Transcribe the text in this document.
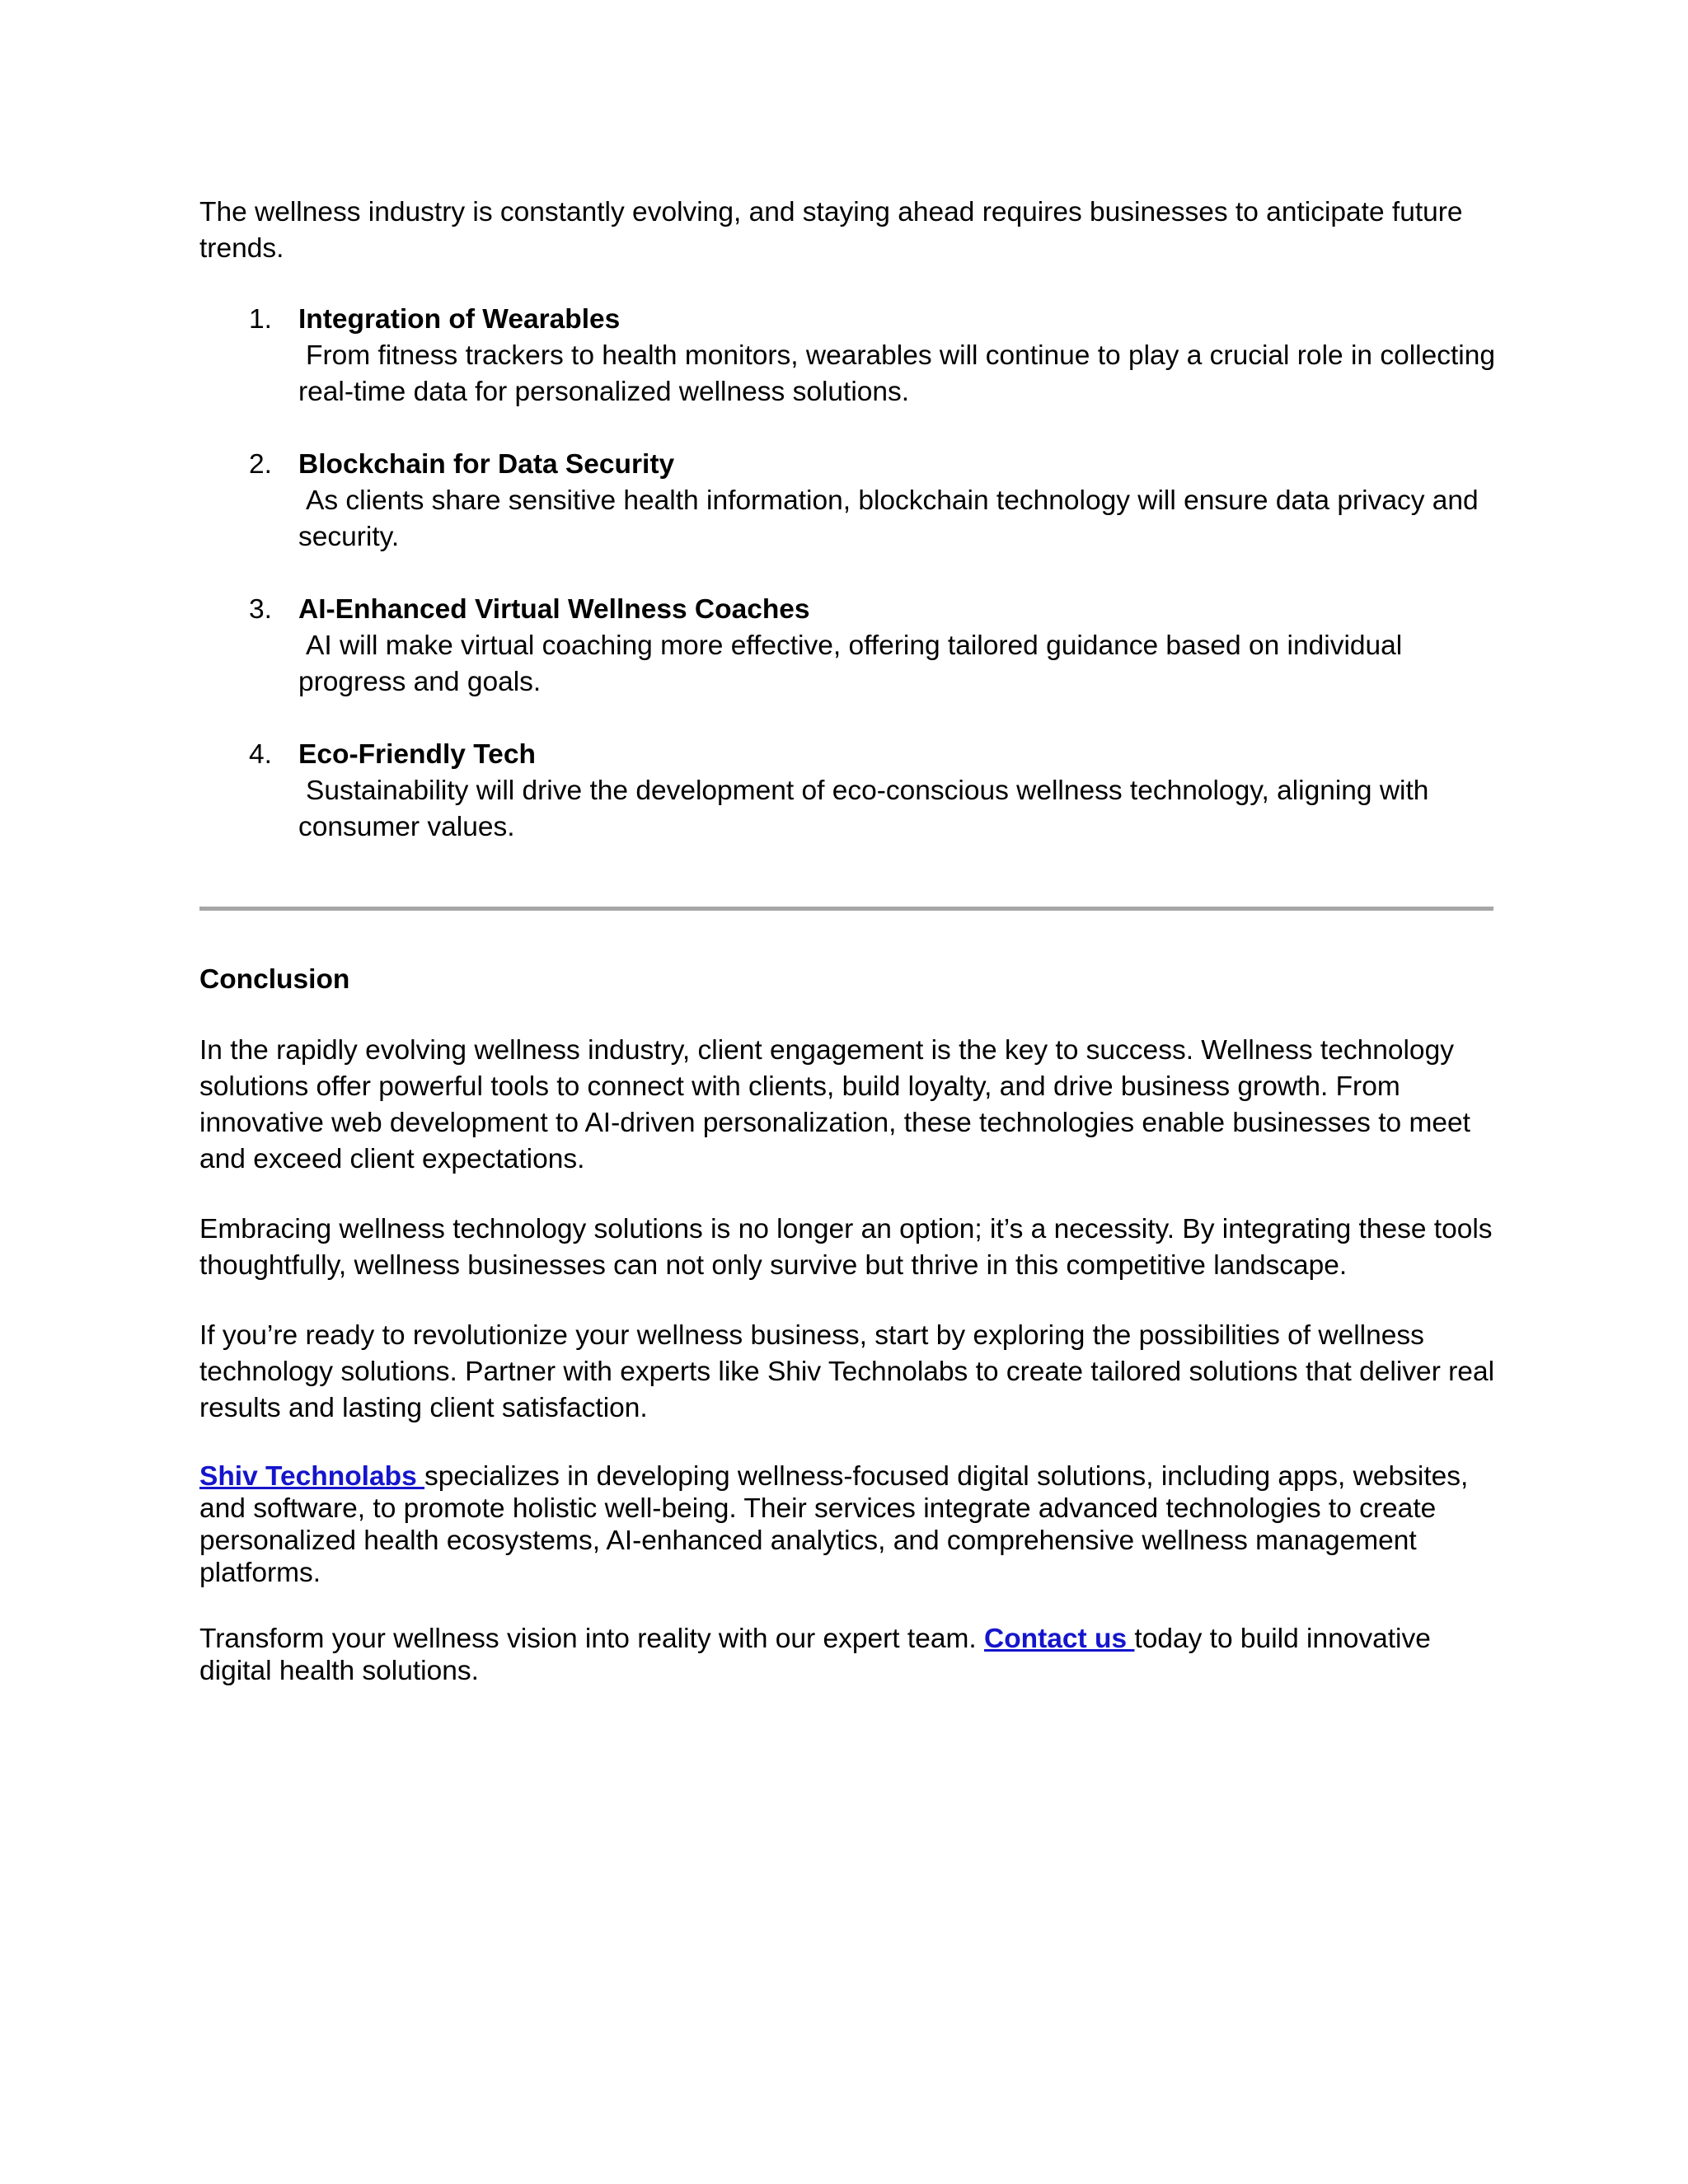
The wellness industry is constantly evolving, and staying ahead requires businesses to anticipate future trends.

1. Integration of Wearables
From fitness trackers to health monitors, wearables will continue to play a crucial role in collecting real-time data for personalized wellness solutions.
2. Blockchain for Data Security
As clients share sensitive health information, blockchain technology will ensure data privacy and security.
3. AI-Enhanced Virtual Wellness Coaches
AI will make virtual coaching more effective, offering tailored guidance based on individual progress and goals.
4. Eco-Friendly Tech
Sustainability will drive the development of eco-conscious wellness technology, aligning with consumer values.

Conclusion

In the rapidly evolving wellness industry, client engagement is the key to success. Wellness technology solutions offer powerful tools to connect with clients, build loyalty, and drive business growth. From innovative web development to AI-driven personalization, these technologies enable businesses to meet and exceed client expectations.

Embracing wellness technology solutions is no longer an option; it’s a necessity. By integrating these tools thoughtfully, wellness businesses can not only survive but thrive in this competitive landscape.

If you’re ready to revolutionize your wellness business, start by exploring the possibilities of wellness technology solutions. Partner with experts like Shiv Technolabs to create tailored solutions that deliver real results and lasting client satisfaction.

Shiv Technolabs specializes in developing wellness-focused digital solutions, including apps, websites, and software, to promote holistic well-being. Their services integrate advanced technologies to create personalized health ecosystems, AI-enhanced analytics, and comprehensive wellness management platforms.

Transform your wellness vision into reality with our expert team. Contact us today to build innovative digital health solutions.
